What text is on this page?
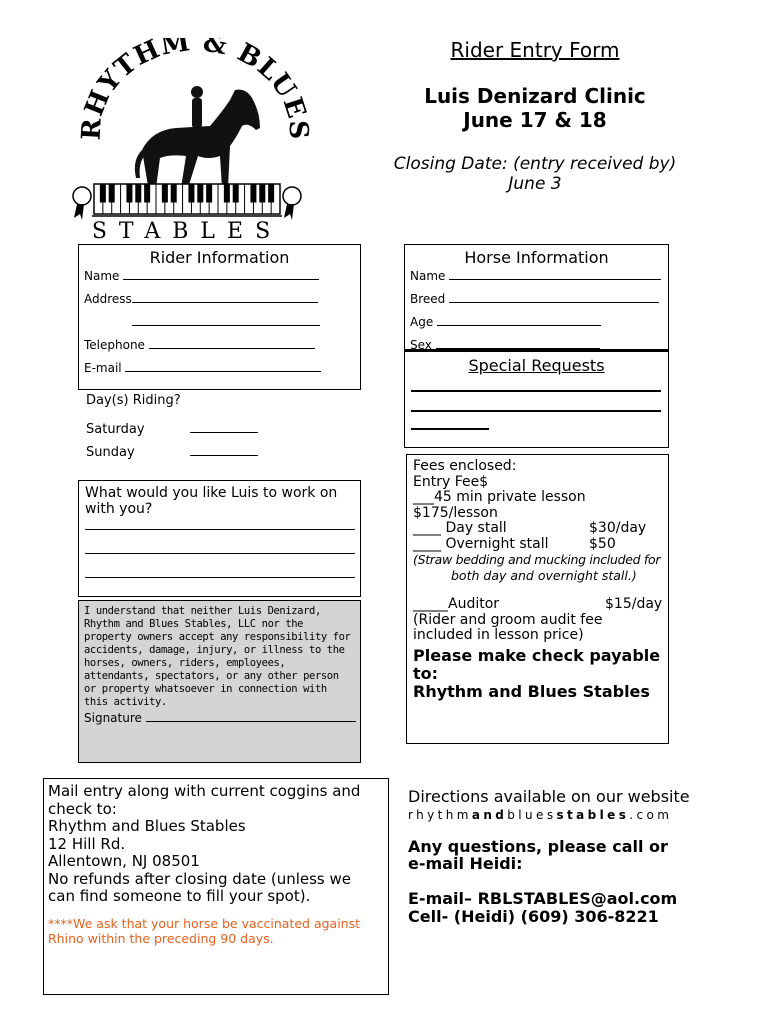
RHYTHM & BLUE
STABLES
Rider Entry Form
Luis Denizard Clinic
June 17 & 18
Closing Date: (entry received by)
June 3
Rider Information
Name
Address
Telephone
E-mail
Horse Information
Name
Breed
Age
Sex
Special Requests
Day(s) Riding?
Saturday
Sunday
What would you like Luis to work on with you?
I understand that neither Luis Denizard, Rhythm and Blues Stables, LLC nor the property owners accept any responsibility for accidents, damage, injury, or illness to the horses, owners, riders, employees, attendants, spectators, or any other person or property whatsoever in connection with this activity.
Signature
Fees enclosed:
Entry Fee$
___45 min private lesson $175/lesson
____ Day stall	$30/day
____ Overnight stall	$50
(Straw bedding and mucking included for
both day and overnight stall.)
_____Auditor	$15/day
(Rider and groom audit fee included in lesson price)
Please make check payable
to:
Rhythm and Blues Stables
Mail entry along with current coggins and check to:
Rhythm and Blues Stables
12 Hill Rd.
Allentown, NJ 08501
No refunds after closing date (unless we can find someone to fill your spot).
****We ask that your horse be vaccinated against Rhino within the preceding 90 days.
Directions available on our website
rhythmandbluesstables.com
Any questions, please call or e-mail Heidi:
E-mail– RBLSTABLES@aol.com
Cell- (Heidi) (609) 306-8221
